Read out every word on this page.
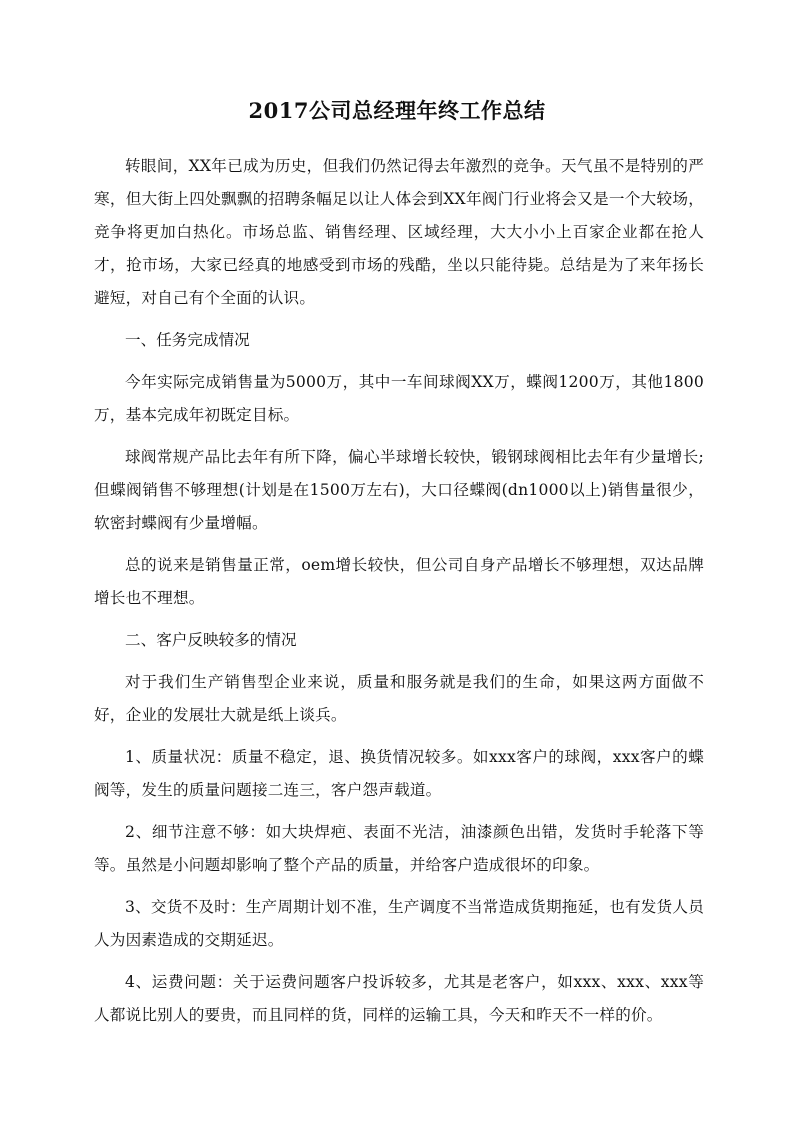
2017公司总经理年终工作总结

转眼间，XX年已成为历史，但我们仍然记得去年激烈的竞争。天气虽不是特别的严寒，但大街上四处飘飘的招聘条幅足以让人体会到XX年阀门行业将会又是一个大较场，竞争将更加白热化。市场总监、销售经理、区域经理，大大小小上百家企业都在抢人才，抢市场，大家已经真的地感受到市场的残酷，坐以只能待毙。总结是为了来年扬长避短，对自己有个全面的认识。

一、任务完成情况

今年实际完成销售量为5000万，其中一车间球阀XX万，蝶阀1200万，其他1800万，基本完成年初既定目标。

球阀常规产品比去年有所下降，偏心半球增长较快，锻钢球阀相比去年有少量增长;但蝶阀销售不够理想(计划是在1500万左右)，大口径蝶阀(dn1000以上)销售量很少，软密封蝶阀有少量增幅。

总的说来是销售量正常，oem增长较快，但公司自身产品增长不够理想，双达品牌增长也不理想。

二、客户反映较多的情况

对于我们生产销售型企业来说，质量和服务就是我们的生命，如果这两方面做不好，企业的发展壮大就是纸上谈兵。

1、质量状况：质量不稳定，退、换货情况较多。如xxx客户的球阀，xxx客户的蝶阀等，发生的质量问题接二连三，客户怨声载道。

2、细节注意不够：如大块焊疤、表面不光洁，油漆颜色出错，发货时手轮落下等等。虽然是小问题却影响了整个产品的质量，并给客户造成很坏的印象。

3、交货不及时：生产周期计划不准，生产调度不当常造成货期拖延，也有发货人员人为因素造成的交期延迟。

4、运费问题：关于运费问题客户投诉较多，尤其是老客户，如xxx、xxx、xxx等人都说比别人的要贵，而且同样的货，同样的运输工具，今天和昨天不一样的价。
